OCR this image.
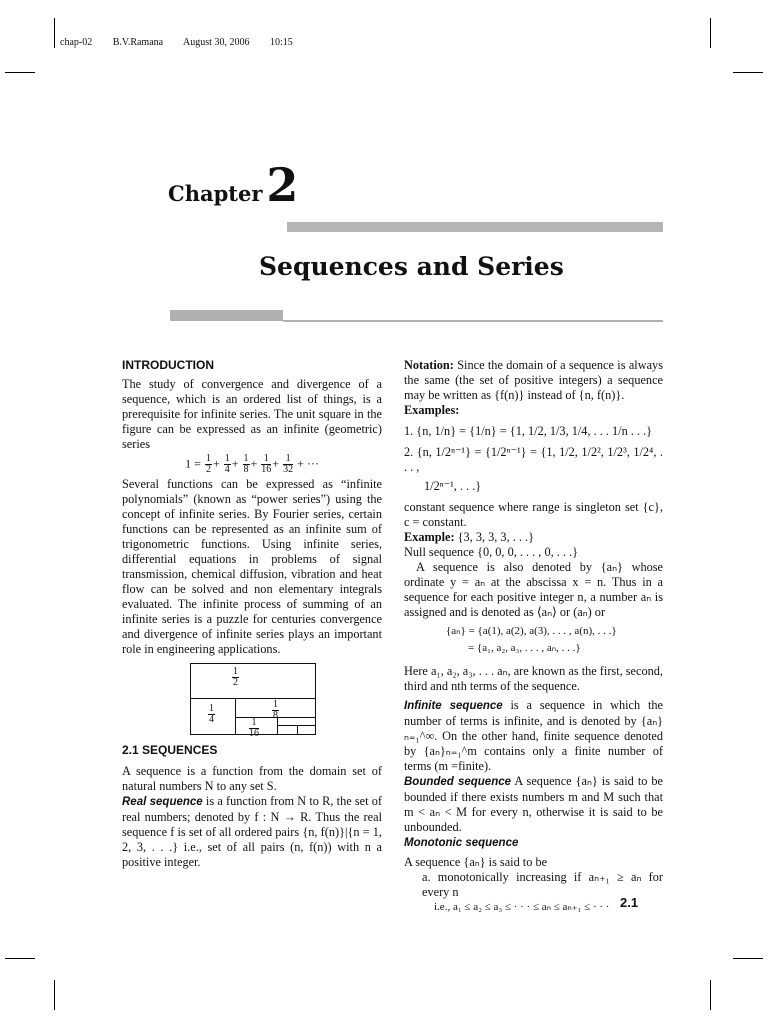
chap-02 B.V.Ramana August 30, 2006 10:15
Chapter 2
Sequences and Series
INTRODUCTION

The study of convergence and divergence of a sequence, which is an ordered list of things, is a prerequisite for infinite series. The unit square in the figure can be expressed as an infinite (geometric) series

$1 = \frac{1}{2} + \frac{1}{4} + \frac{1}{8} + \frac{1}{16} + \frac{1}{32}$ + ···

Several functions can be expressed as “infinite polynomials” (known as “power series”) using the concept of infinite series. By Fourier series, certain functions can be represented as an infinite sum of trigonometric functions. Using infinite series, differential equations in problems of signal transmission, chemical diffusion, vibration and heat flow can be solved and non elementary integrals evaluated. The infinite process of summing of an infinite series is a puzzle for centuries convergence and divergence of infinite series plays an important role in engineering applications.

$\frac{1}{2}$
$\frac{1}{4}$	$\frac{1}{8}$
$\frac{1}{16}$
2.1 SEQUENCES

A sequence is a function from the domain set of natural numbers N to any set S.

Real sequence is a function from N to R, the set of real numbers; denoted by f : N → R. Thus the real sequence f is set of all ordered pairs {n, f(n)}|{n = 1, 2, 3, . . .} i.e., set of all pairs (n, f(n)) with n a positive integer.

Notation: Since the domain of a sequence is always the same (the set of positive integers) a sequence may be written as {f(n)} instead of {n, f(n)}.

Examples:

1. {n, 1/n} = {1/n} = {1, 1/2, 1/3, 1/4, . . . 1/n . . .}

2. {n, 1/2ⁿ⁻¹} = {1/2ⁿ⁻¹} = {1, 1/2, 1/2², 1/2³, 1/2⁴, . . . ,

1/2ⁿ⁻¹, . . .}

constant sequence where range is singleton set {c}, c = constant.

Example: {3, 3, 3, 3, . . .}

Null sequence {0, 0, 0, . . . , 0, . . .}

A sequence is also denoted by {aₙ} whose ordinate y = aₙ at the abscissa x = n. Thus in a sequence for each positive integer n, a number aₙ is assigned and is denoted as ⟨aₙ⟩ or (aₙ) or

{aₙ} = {a(1), a(2), a(3), . . . , a(n), . . .}

= {a₁, a₂, a₃, . . . , aₙ, . . .}

Here a₁, a₂, a₃, . . . aₙ, are known as the first, second, third and nth terms of the sequence.

Infinite sequence is a sequence in which the number of terms is infinite, and is denoted by {aₙ}ₙ₌₁^∞. On the other hand, finite sequence denoted by {aₙ}ₙ₌₁^m contains only a finite number of terms (m =finite).

Bounded sequence A sequence {aₙ} is said to be bounded if there exists numbers m and M such that m < aₙ < M for every n, otherwise it is said to be unbounded.

Monotonic sequence

A sequence {aₙ} is said to be

a. monotonically increasing if aₙ₊₁ ≥ aₙ for every n

i.e., a₁ ≤ a₂ ≤ a₃ ≤ · · · ≤ aₙ ≤ aₙ₊₁ ≤ · · · 2.1
